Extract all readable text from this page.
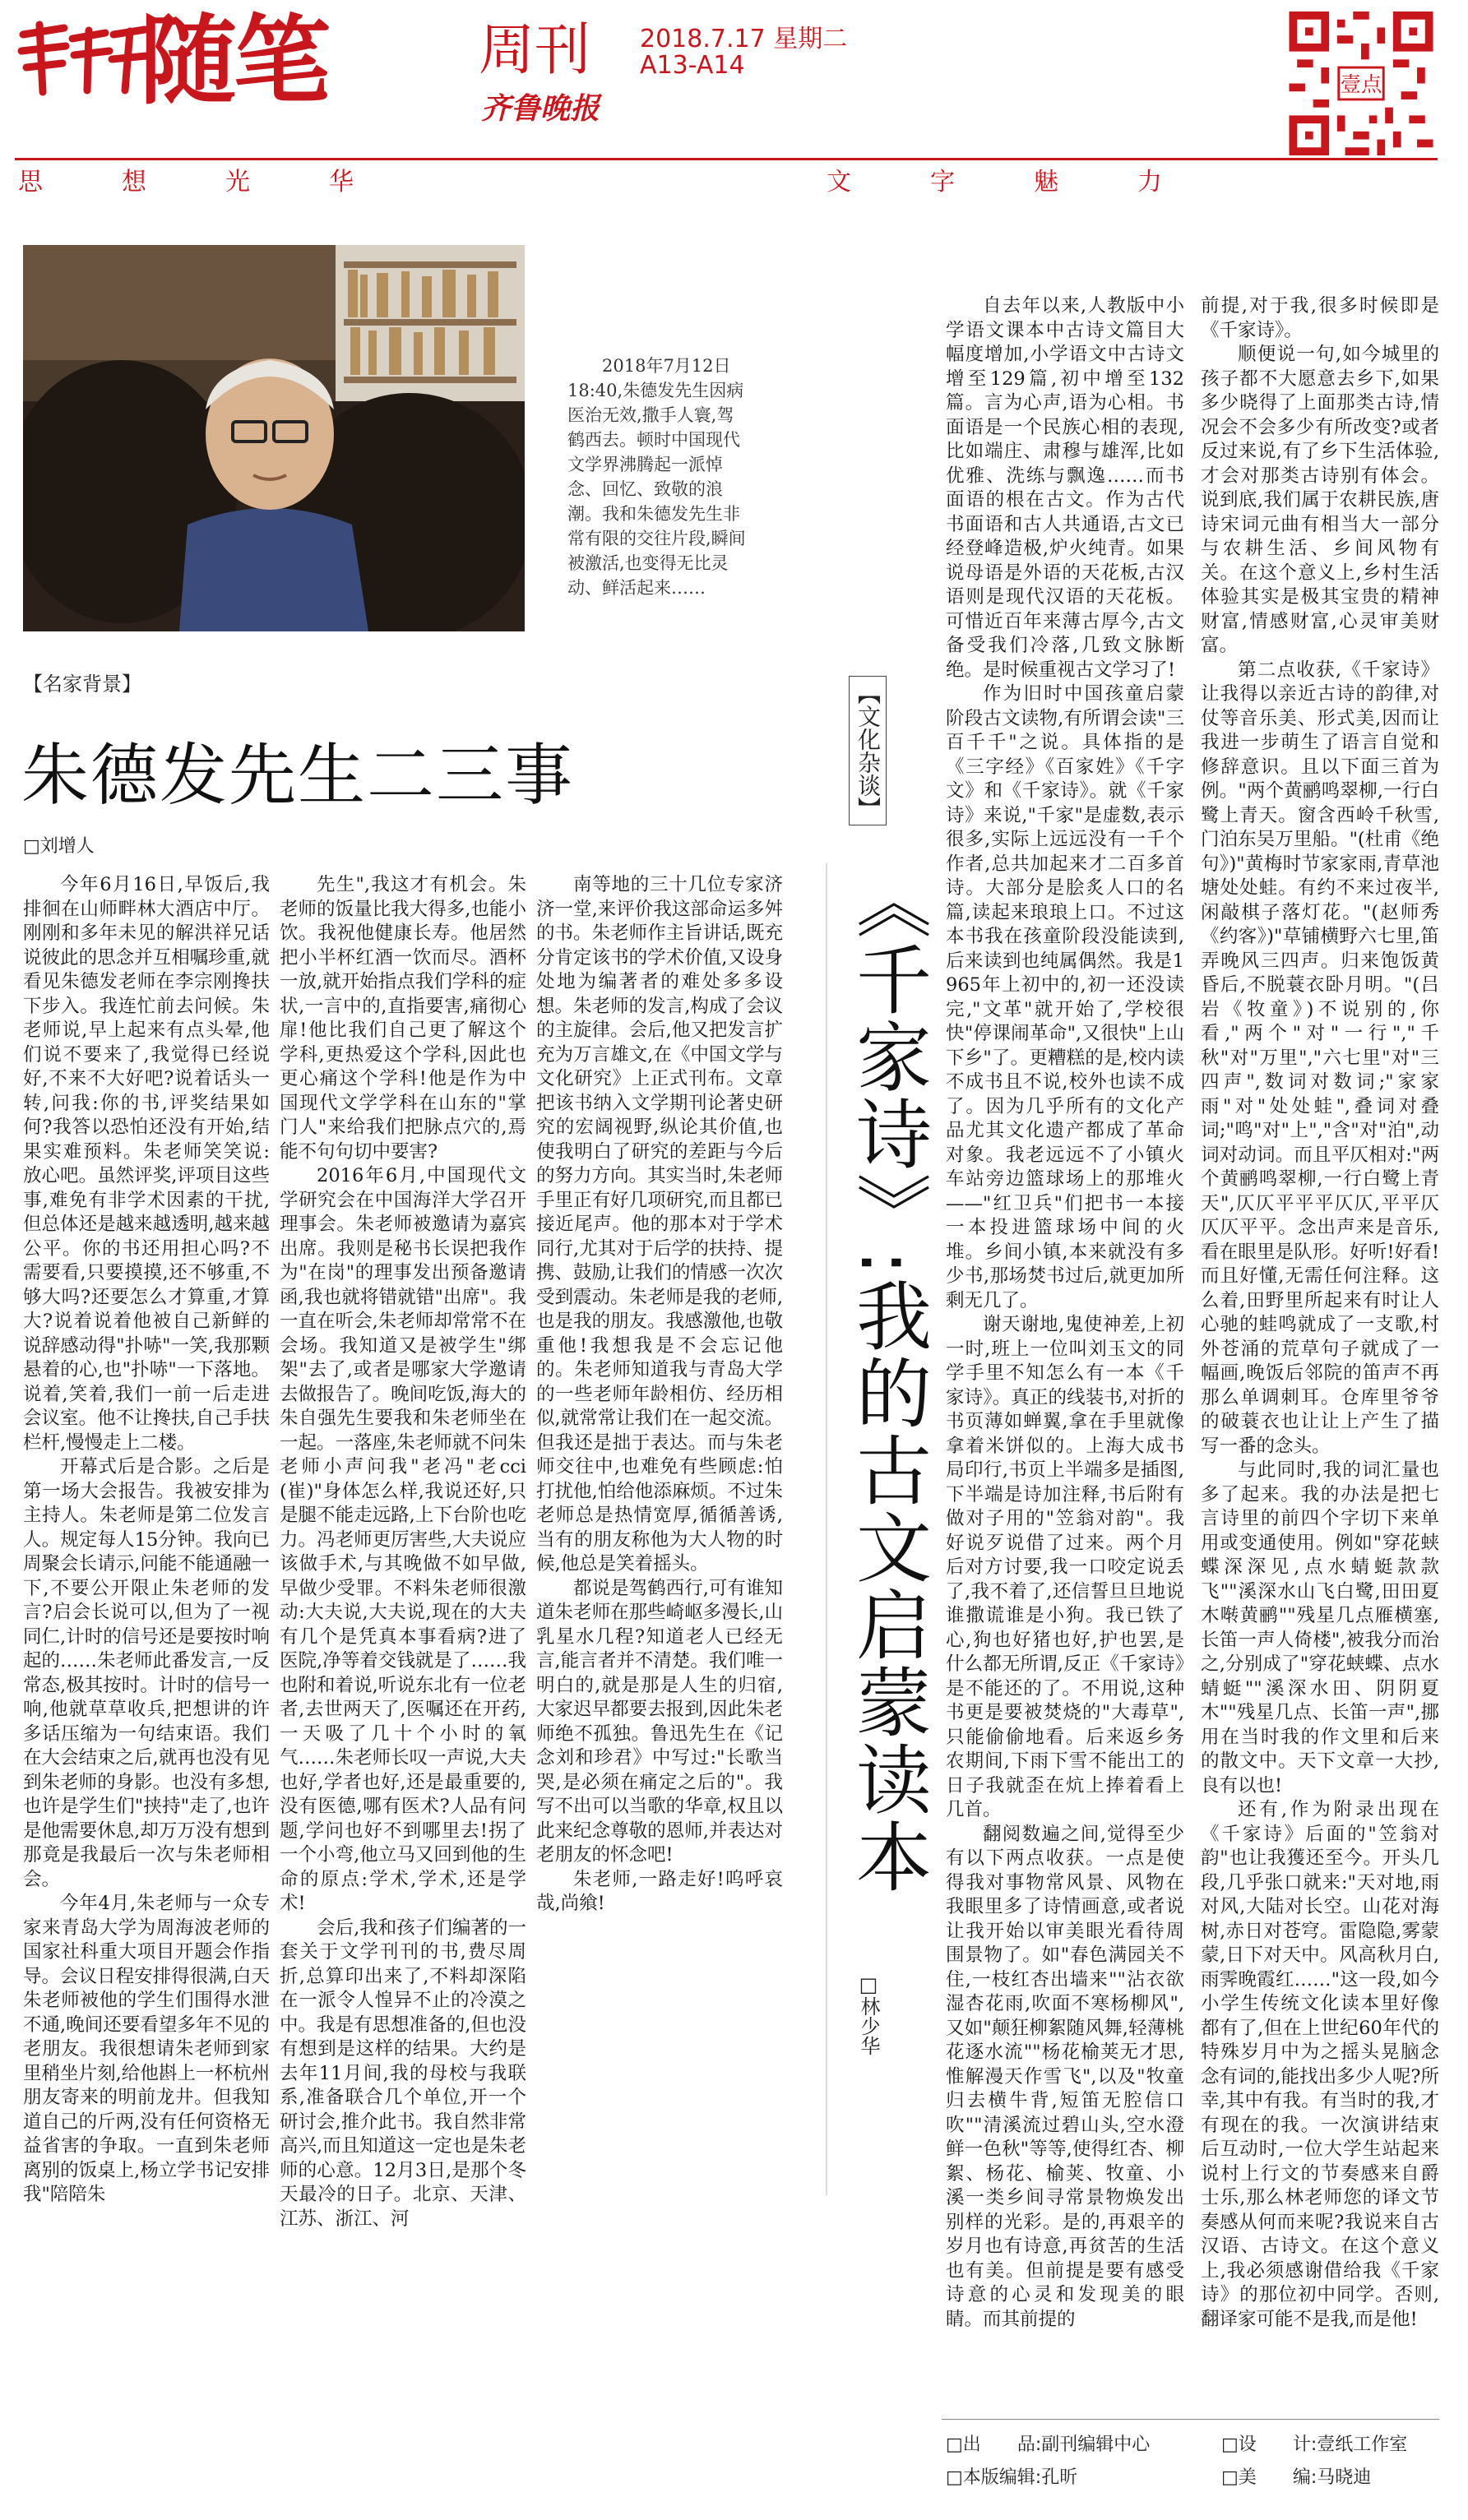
随笔	周刊
齐鲁晚报
2018.7.17 星期二
A13-A14
壹点
思想光华	文字魅力

2018年7月12日

18:40,朱德发先生因病医治无效,撒手人寰,驾鹤西去。顿时中国现代文学界沸腾起一派悼念、回忆、致敬的浪潮。我和朱德发先生非常有限的交往片段,瞬间被激活,也变得无比灵动、鲜活起来……

【名家背景】
朱德发先生二三事
□刘增人

今年6月16日,早饭后,我排徊在山师畔林大酒店中厅。刚刚和多年未见的解洪祥兄话说彼此的思念并互相嘱珍重,就看见朱德发老师在李宗刚搀扶下步入。我连忙前去问候。朱老师说,早上起来有点头晕,他们说不要来了,我觉得已经说好,不来不大好吧?说着话头一转,问我:你的书,评奖结果如何?我答以恐怕还没有开始,结果实难预料。朱老师笑笑说:放心吧。虽然评奖,评项目这些事,难免有非学术因素的干扰,但总体还是越来越透明,越来越公平。你的书还用担心吗?不需要看,只要摸摸,还不够重,不够大吗?还要怎么才算重,才算大?说着说着他被自己新鲜的说辞感动得"扑哧"一笑,我那颗悬着的心,也"扑哧"一下落地。说着,笑着,我们一前一后走进会议室。他不让搀扶,自己手扶栏杆,慢慢走上二楼。

开幕式后是合影。之后是第一场大会报告。我被安排为主持人。朱老师是第二位发言人。规定每人15分钟。我向已周聚会长请示,问能不能通融一下,不要公开限止朱老师的发言?启会长说可以,但为了一视同仁,计时的信号还是要按时响起的……朱老师此番发言,一反常态,极其按时。计时的信号一响,他就草草收兵,把想讲的许多话压缩为一句结束语。我们在大会结束之后,就再也没有见到朱老师的身影。也没有多想,也许是学生们"挟持"走了,也许是他需要休息,却万万没有想到那竟是我最后一次与朱老师相会。

今年4月,朱老师与一众专家来青岛大学为周海波老师的国家社科重大项目开题会作指导。会议日程安排得很满,白天朱老师被他的学生们围得水泄不通,晚间还要看望多年不见的老朋友。我很想请朱老师到家里稍坐片刻,给他斟上一杯杭州朋友寄来的明前龙井。但我知道自己的斤两,没有任何资格无益省害的争取。一直到朱老师离别的饭桌上,杨立学书记安排我"陪陪朱

先生",我这才有机会。朱老师的饭量比我大得多,也能小饮。我祝他健康长寿。他居然把小半杯红酒一饮而尽。酒杯一放,就开始指点我们学科的症状,一言中的,直指要害,痛彻心扉!他比我们自己更了解这个学科,更热爱这个学科,因此也更心痛这个学科!他是作为中国现代文学学科在山东的"掌门人"来给我们把脉点穴的,焉能不句句切中要害?

2016年6月,中国现代文学研究会在中国海洋大学召开理事会。朱老师被邀请为嘉宾出席。我则是秘书长误把我作为"在岗"的理事发出预备邀请函,我也就将错就错"出席"。我一直在听会,朱老师却常常不在会场。我知道又是被学生"绑架"去了,或者是哪家大学邀请去做报告了。晚间吃饭,海大的朱自强先生要我和朱老师坐在一起。一落座,朱老师就不问朱老师小声问我"老冯"老cci(崔)"身体怎么样,我说还好,只是腿不能走远路,上下台阶也吃力。冯老师更厉害些,大夫说应该做手术,与其晚做不如早做,早做少受罪。不料朱老师很激动:大夫说,大夫说,现在的大夫有几个是凭真本事看病?进了医院,净等着交钱就是了……我也附和着说,听说东北有一位老者,去世两天了,医嘱还在开药,一天吸了几十个小时的氧气……朱老师长叹一声说,大夫也好,学者也好,还是最重要的,没有医德,哪有医术?人品有问题,学问也好不到哪里去!拐了一个小弯,他立马又回到他的生命的原点:学术,学术,还是学术!

会后,我和孩子们编著的一套关于文学刊刊的书,费尽周折,总算印出来了,不料却深陷在一派令人惶异不止的冷漠之中。我是有思想准备的,但也没有想到是这样的结果。大约是去年11月间,我的母校与我联系,准备联合几个单位,开一个研讨会,推介此书。我自然非常高兴,而且知道这一定也是朱老师的心意。12月3日,是那个冬天最冷的日子。北京、天津、江苏、浙江、河

南等地的三十几位专家济济一堂,来评价我这部命运多舛的书。朱老师作主旨讲话,既充分肯定该书的学术价值,又设身处地为编著者的难处多多设想。朱老师的发言,构成了会议的主旋律。会后,他又把发言扩充为万言雄文,在《中国文学与文化研究》上正式刊布。文章把该书纳入文学期刊论著史研究的宏阔视野,纵论其价值,也使我明白了研究的差距与今后的努力方向。其实当时,朱老师手里正有好几项研究,而且都已接近尾声。他的那本对于学术同行,尤其对于后学的扶持、提携、鼓励,让我们的情感一次次受到震动。朱老师是我的老师,也是我的朋友。我感激他,也敬重他!我想我是不会忘记他的。朱老师知道我与青岛大学的一些老师年龄相仿、经历相似,就常常让我们在一起交流。但我还是拙于表达。而与朱老师交往中,也难免有些顾虑:怕打扰他,怕给他添麻烦。不过朱老师总是热情宽厚,循循善诱,当有的朋友称他为大人物的时候,他总是笑着摇头。

都说是驾鹤西行,可有谁知道朱老师在那些崎岖多漫长,山乳星水几程?知道老人已经无言,能言者并不清楚。我们唯一明白的,就是那是人生的归宿,大家迟早都要去报到,因此朱老师绝不孤独。鲁迅先生在《记念刘和珍君》中写过:"长歌当哭,是必须在痛定之后的"。我写不出可以当歌的华章,权且以此来纪念尊敬的恩师,并表达对老朋友的怀念吧!

朱老师,一路走好!呜呼哀哉,尚飨!

【文化杂谈】
《千家诗》:我的古文启蒙读本
□林少华

自去年以来,人教版中小学语文课本中古诗文篇目大幅度增加,小学语文中古诗文增至129篇,初中增至132篇。言为心声,语为心相。书面语是一个民族心相的表现,比如端庄、肃穆与雄浑,比如优雅、洗练与飘逸……而书面语的根在古文。作为古代书面语和古人共通语,古文已经登峰造极,炉火纯青。如果说母语是外语的天花板,古汉语则是现代汉语的天花板。可惜近百年来薄古厚今,古文备受我们冷落,几致文脉断绝。是时候重视古文学习了!

作为旧时中国孩童启蒙阶段古文读物,有所谓会读"三百千千"之说。具体指的是《三字经》《百家姓》《千字文》和《千家诗》。就《千家诗》来说,"千家"是虚数,表示很多,实际上远远没有一千个作者,总共加起来才二百多首诗。大部分是脍炙人口的名篇,读起来琅琅上口。不过这本书我在孩童阶段没能读到,后来读到也纯属偶然。我是1965年上初中的,初一还没读完,"文革"就开始了,学校很快"停课闹革命",又很快"上山下乡"了。更糟糕的是,校内读不成书且不说,校外也读不成了。因为几乎所有的文化产品尤其文化遗产都成了革命对象。我老远远不了小镇火车站旁边篮球场上的那堆火——"红卫兵"们把书一本接一本投进篮球场中间的火堆。乡间小镇,本来就没有多少书,那场焚书过后,就更加所剩无几了。

谢天谢地,鬼使神差,上初一时,班上一位叫刘玉文的同学手里不知怎么有一本《千家诗》。真正的线装书,对折的书页薄如蝉翼,拿在手里就像拿着米饼似的。上海大成书局印行,书页上半端多是插图,下半端是诗加注释,书后附有做对子用的"笠翁对韵"。我好说歹说借了过来。两个月后对方讨要,我一口咬定说丢了,我不着了,还信誓旦旦地说谁撒谎谁是小狗。我已铁了心,狗也好猪也好,护也罢,是什么都无所谓,反正《千家诗》是不能还的了。不用说,这种书更是要被焚烧的"大毒草",只能偷偷地看。后来返乡务农期间,下雨下雪不能出工的日子我就歪在炕上捧着看上几首。

翻阅数遍之间,觉得至少有以下两点收获。一点是使得我对事物常风景、风物在我眼里多了诗情画意,或者说让我开始以审美眼光看待周围景物了。如"春色满园关不住,一枝红杏出墙来""沾衣欲湿杏花雨,吹面不寒杨柳风",又如"颠狂柳絮随风舞,轻薄桃花逐水流""杨花榆荚无才思,惟解漫天作雪飞",以及"牧童归去横牛背,短笛无腔信口吹""清溪流过碧山头,空水澄鲜一色秋"等等,使得红杏、柳絮、杨花、榆荚、牧童、小溪一类乡间寻常景物焕发出别样的光彩。是的,再艰辛的岁月也有诗意,再贫苦的生活也有美。但前提是要有感受诗意的心灵和发现美的眼睛。而其前提的

前提,对于我,很多时候即是《千家诗》。

顺便说一句,如今城里的孩子都不大愿意去乡下,如果多少晓得了上面那类古诗,情况会不会多少有所改变?或者反过来说,有了乡下生活体验,才会对那类古诗别有体会。说到底,我们属于农耕民族,唐诗宋词元曲有相当大一部分与农耕生活、乡间风物有关。在这个意义上,乡村生活体验其实是极其宝贵的精神财富,情感财富,心灵审美财富。

第二点收获,《千家诗》让我得以亲近古诗的韵律,对仗等音乐美、形式美,因而让我进一步萌生了语言自觉和修辞意识。且以下面三首为例。"两个黄鹂鸣翠柳,一行白鹭上青天。窗含西岭千秋雪,门泊东吴万里船。"(杜甫《绝句》)"黄梅时节家家雨,青草池塘处处蛙。有约不来过夜半,闲敲棋子落灯花。"(赵师秀《约客》)"草铺横野六七里,笛弄晚风三四声。归来饱饭黄昏后,不脱蓑衣卧月明。"(吕岩《牧童》)不说别的,你看,"两个"对"一行","千秋"对"万里","六七里"对"三四声",数词对数词;"家家雨"对"处处蛙",叠词对叠词;"鸣"对"上","含"对"泊",动词对动词。而且平仄相对:"两个黄鹂鸣翠柳,一行白鹭上青天",仄仄平平平仄仄,平平仄仄仄平平。念出声来是音乐,看在眼里是队形。好听!好看!而且好懂,无需任何注释。这么着,田野里所起来有时让人心驰的蛙鸣就成了一支歌,村外苍涌的荒草句子就成了一幅画,晚饭后邻院的笛声不再那么单调刺耳。仓库里爷爷的破蓑衣也让让上产生了描写一番的念头。

与此同时,我的词汇量也多了起来。我的办法是把七言诗里的前四个字切下来单用或变通使用。例如"穿花蛱蝶深深见,点水蜻蜓款款飞""溪深水山飞白鹭,田田夏木啭黄鹂""残星几点雁横塞,长笛一声人倚楼",被我分而治之,分别成了"穿花蛱蝶、点水蜻蜓""溪深水田、阴阴夏木""残星几点、长笛一声",挪用在当时我的作文里和后来的散文中。天下文章一大抄,良有以也!

还有,作为附录出现在《千家诗》后面的"笠翁对韵"也让我獲还至今。开头几段,几乎张口就来:"天对地,雨对风,大陆对长空。山花对海树,赤日对苍穹。雷隐隐,雾蒙蒙,日下对天中。风高秋月白,雨霁晚霞红……"这一段,如今小学生传统文化读本里好像都有了,但在上世纪60年代的特殊岁月中为之摇头晃脑念念有词的,能找出多少人呢?所幸,其中有我。有当时的我,才有现在的我。一次演讲结束后互动时,一位大学生站起来说村上行文的节奏感来自爵士乐,那么林老师您的译文节奏感从何而来呢?我说来自古汉语、古诗文。在这个意义上,我必须感谢借给我《千家诗》的那位初中同学。否则,翻译家可能不是我,而是他!

□出　　 品:副刊编辑中心	□设　　 计:壹纸工作室
□本版编辑:孔昕	□美　　 编:马晓迪
